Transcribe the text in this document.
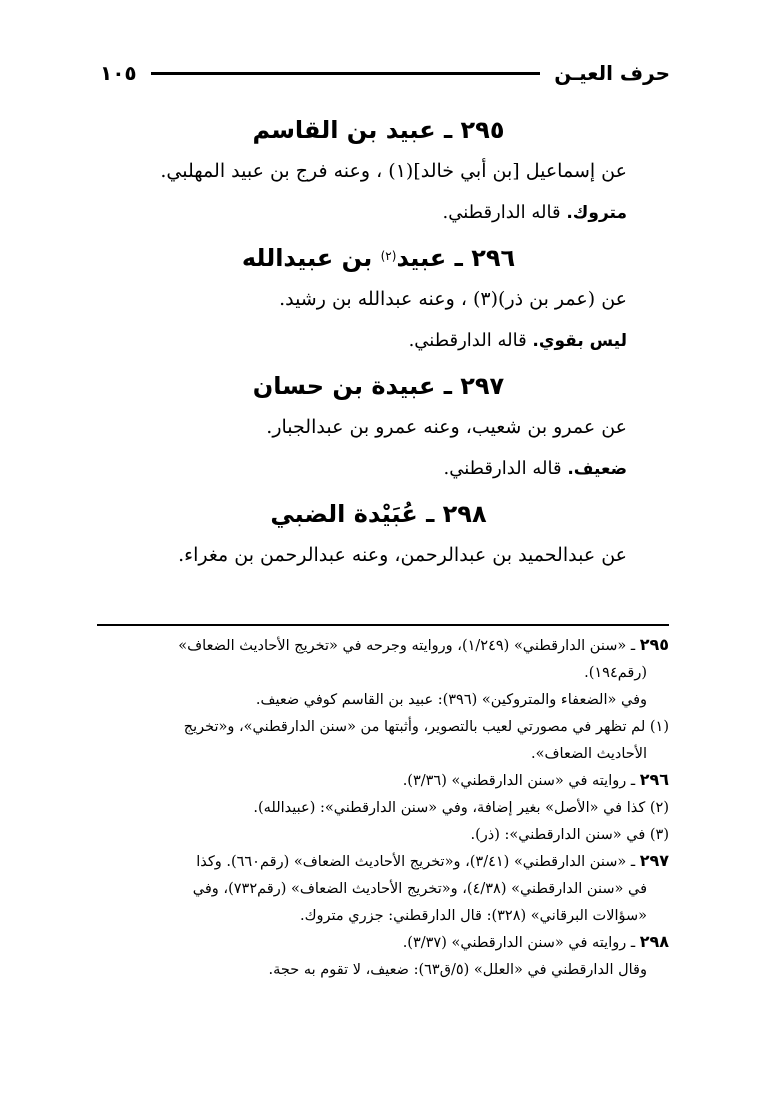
حرف العيـن
١٠٥
٢٩٥ ـ عبيد بن القاسم
عن إسماعيل [بن أبي خالد](١) ، وعنه فرج بن عبيد المهلبي.
متروك. قاله الدارقطني.
٢٩٦ ـ عبيد$^{(٢)}$ بن عبيدالله
عن (عمر بن ذر)(٣) ، وعنه عبدالله بن رشيد.
ليس بقوي. قاله الدارقطني.
٢٩٧ ـ عبيدة بن حسان
عن عمرو بن شعيب، وعنه عمرو بن عبدالجبار.
ضعيف. قاله الدارقطني.
٢٩٨ ـ عُبَيْدة الضبي
عن عبدالحميد بن عبدالرحمن، وعنه عبدالرحمن بن مغراء.
٢٩٥ ـ «سنن الدارقطني» (١/٢٤٩)، وروايته وجرحه في «تخريج الأحاديث الضعاف»
(رقم١٩٤).
وفي «الضعفاء والمتروكين» (٣٩٦): عبيد بن القاسم كوفي ضعيف.
(١) لم تظهر في مصورتي لعيب بالتصوير، وأثبتها من «سنن الدارقطني»، و«تخريج
الأحاديث الضعاف».
٢٩٦ ـ روايته في «سنن الدارقطني» (٣/٣٦).
(٢) كذا في «الأصل» بغير إضافة، وفي «سنن الدارقطني»: (عبيدالله).
(٣) في «سنن الدارقطني»: (ذر).
٢٩٧ ـ «سنن الدارقطني» (٣/٤١)، و«تخريج الأحاديث الضعاف» (رقم٦٦٠). وكذا
في «سنن الدارقطني» (٤/٣٨)، و«تخريج الأحاديث الضعاف» (رقم٧٣٢)، وفي
«سؤالات البرقاني» (٣٢٨): قال الدارقطني: جزري متروك.
٢٩٨ ـ روايته في «سنن الدارقطني» (٣/٣٧).
وقال الدارقطني في «العلل» (٥/ق٦٣): ضعيف، لا تقوم به حجة.
